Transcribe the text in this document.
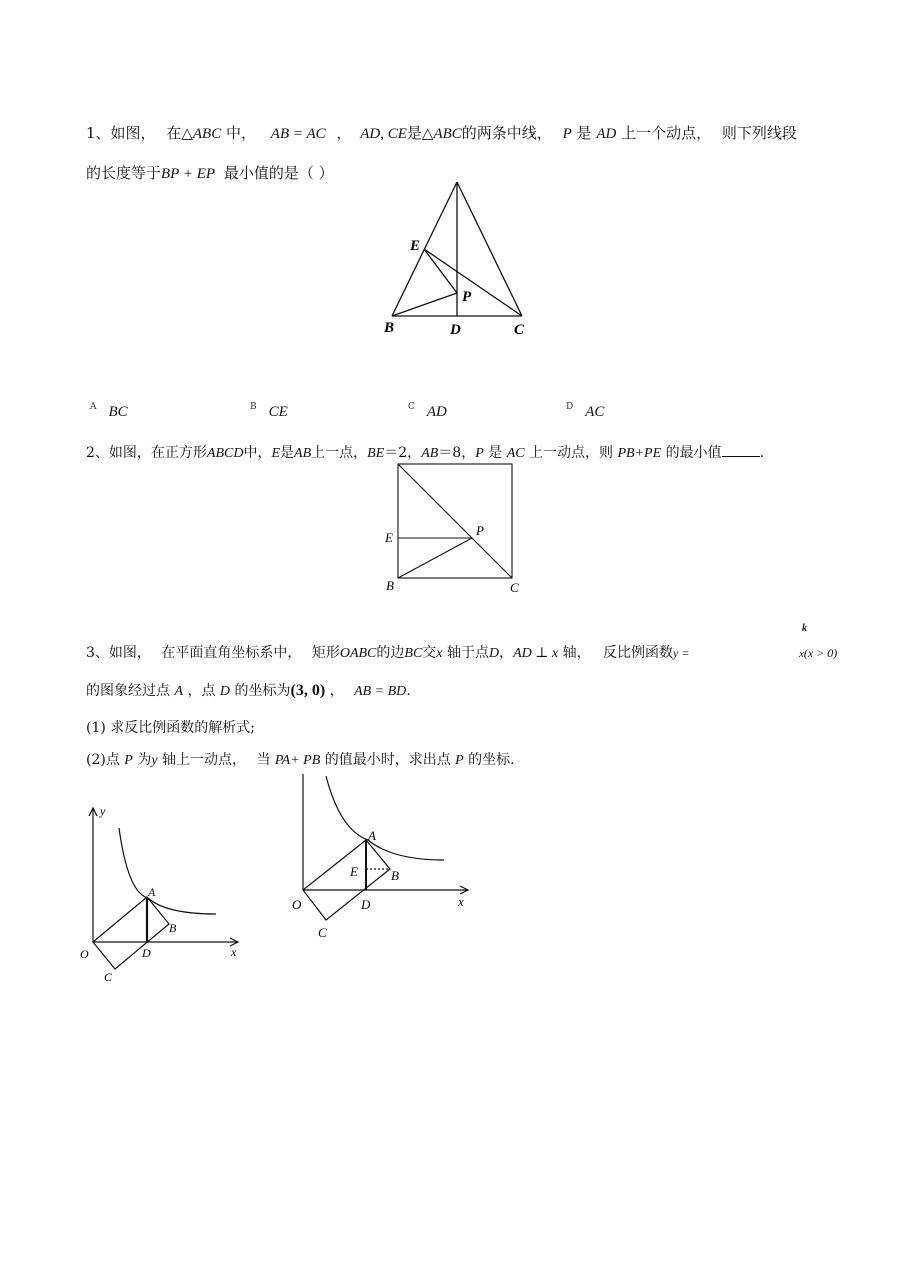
1、如图， 在△ABC 中， AB = AC ， AD, CE是△ABC的两条中线， P 是 AD 上一个动点， 则下列线段
的长度等于BP + EP 最小值的是（ ）
E
P
B	D	C
$^A$ BC	$^B$ CE	$^C$ AD	$^D$ AC
2、如图，在正方形ABCD中，E是AB上一点，BE＝2，AB＝8，P 是 AC 上一动点，则 PB+PE 的最小值	.
E	P
B	C
3、如图， 在平面直角坐标系中， 矩形OABC的边BC交x 轴于点D，AD ⊥ x 轴， 反比例函数y =
k
x(x > 0)
的图象经过点 A ，点 D 的坐标为(3, 0) ， AB = BD.
(1) 求反比例函数的解析式;
(2)点 P 为y 轴上一动点， 当 PA+ PB 的值最小时，求出点 P 的坐标.
y
x
O
A
B
C
D
A
E	B
O	D
C
x
